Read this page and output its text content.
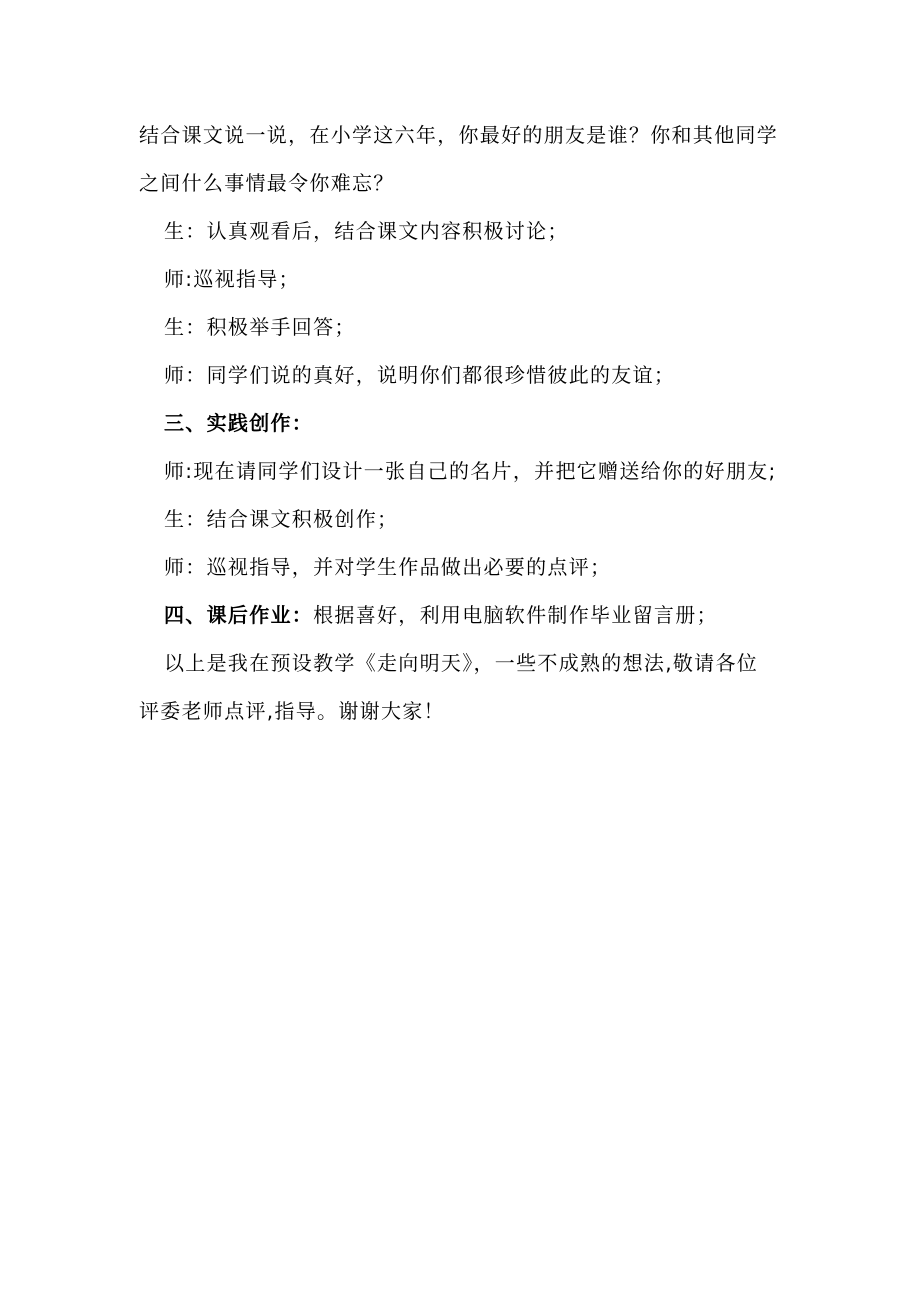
结合课文说一说，在小学这六年，你最好的朋友是谁？你和其他同学
之间什么事情最令你难忘？
生：认真观看后，结合课文内容积极讨论；
师:巡视指导；
生：积极举手回答；
师：同学们说的真好，说明你们都很珍惜彼此的友谊；
三、实践创作：
师:现在请同学们设计一张自己的名片，并把它赠送给你的好朋友;
生：结合课文积极创作；
师：巡视指导，并对学生作品做出必要的点评；
四、课后作业：根据喜好，利用电脑软件制作毕业留言册；
以上是我在预设教学《走向明天》，一些不成熟的想法,敬请各位
评委老师点评,指导。谢谢大家！
